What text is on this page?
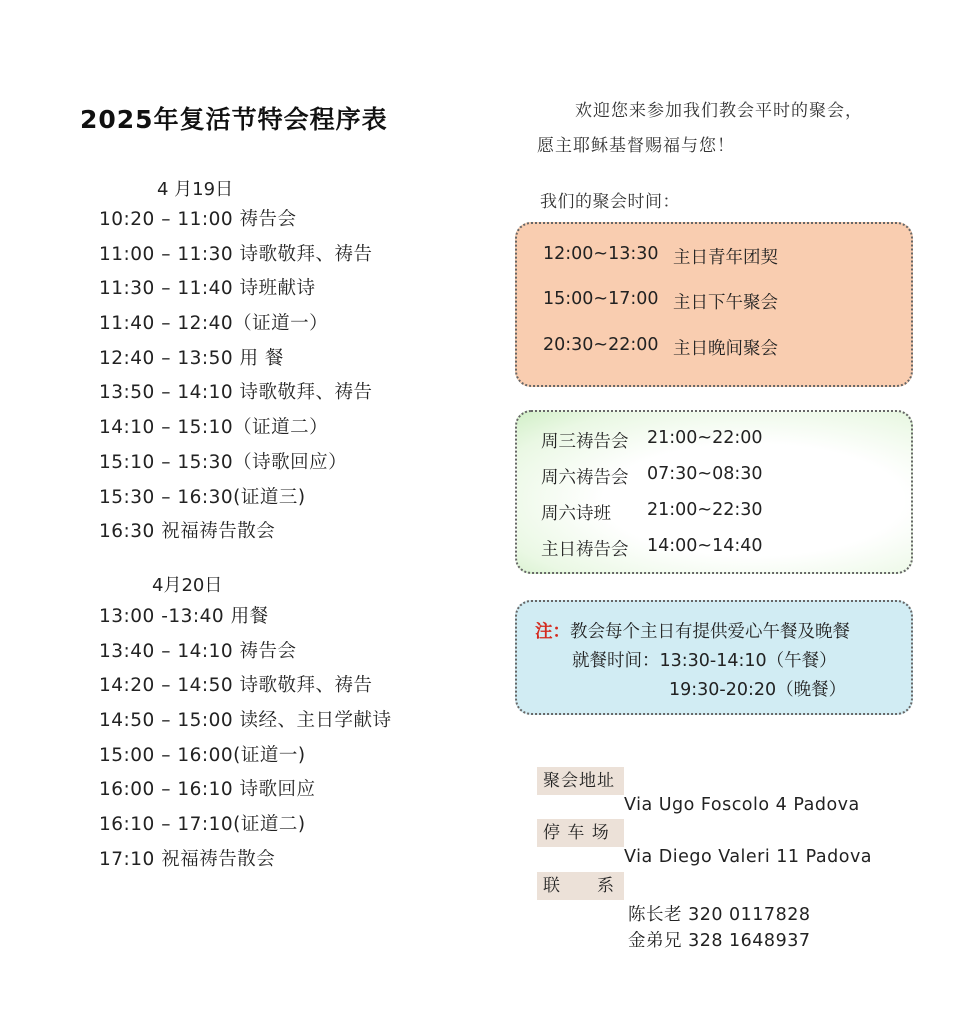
2025年复活节特会程序表
4 月19日
10:20 – 11:00 祷告会
11:00 – 11:30 诗歌敬拜、祷告
11:30 – 11:40 诗班献诗
11:40 – 12:40（证道一）
12:40 – 13:50 用 餐
13:50 – 14:10 诗歌敬拜、祷告
14:10 – 15:10（证道二）
15:10 – 15:30（诗歌回应）
15:30 – 16:30(证道三)
16:30 祝福祷告散会
4月20日
13:00 -13:40 用餐
13:40 – 14:10 祷告会
14:20 – 14:50 诗歌敬拜、祷告
14:50 – 15:00 读经、主日学献诗
15:00 – 16:00(证道一)
16:00 – 16:10 诗歌回应
16:10 – 17:10(证道二)
17:10 祝福祷告散会
欢迎您来参加我们教会平时的聚会，
愿主耶稣基督赐福与您！
我们的聚会时间：
12:00~13:30 主日青年团契
15:00~17:00 主日下午聚会
20:30~22:00 主日晚间聚会
周三祷告会 21:00~22:00
周六祷告会 07:30~08:30
周六诗班 21:00~22:30
主日祷告会 14:00~14:40
注：教会每个主日有提供爱心午餐及晚餐
就餐时间：13:30-14:10（午餐）
19:30-20:20（晚餐）
聚会地址
Via Ugo Foscolo 4 Padova
停 车 场
Via Diego Valeri 11 Padova
联　　系
陈长老 320 0117828
金弟兄 328 1648937
